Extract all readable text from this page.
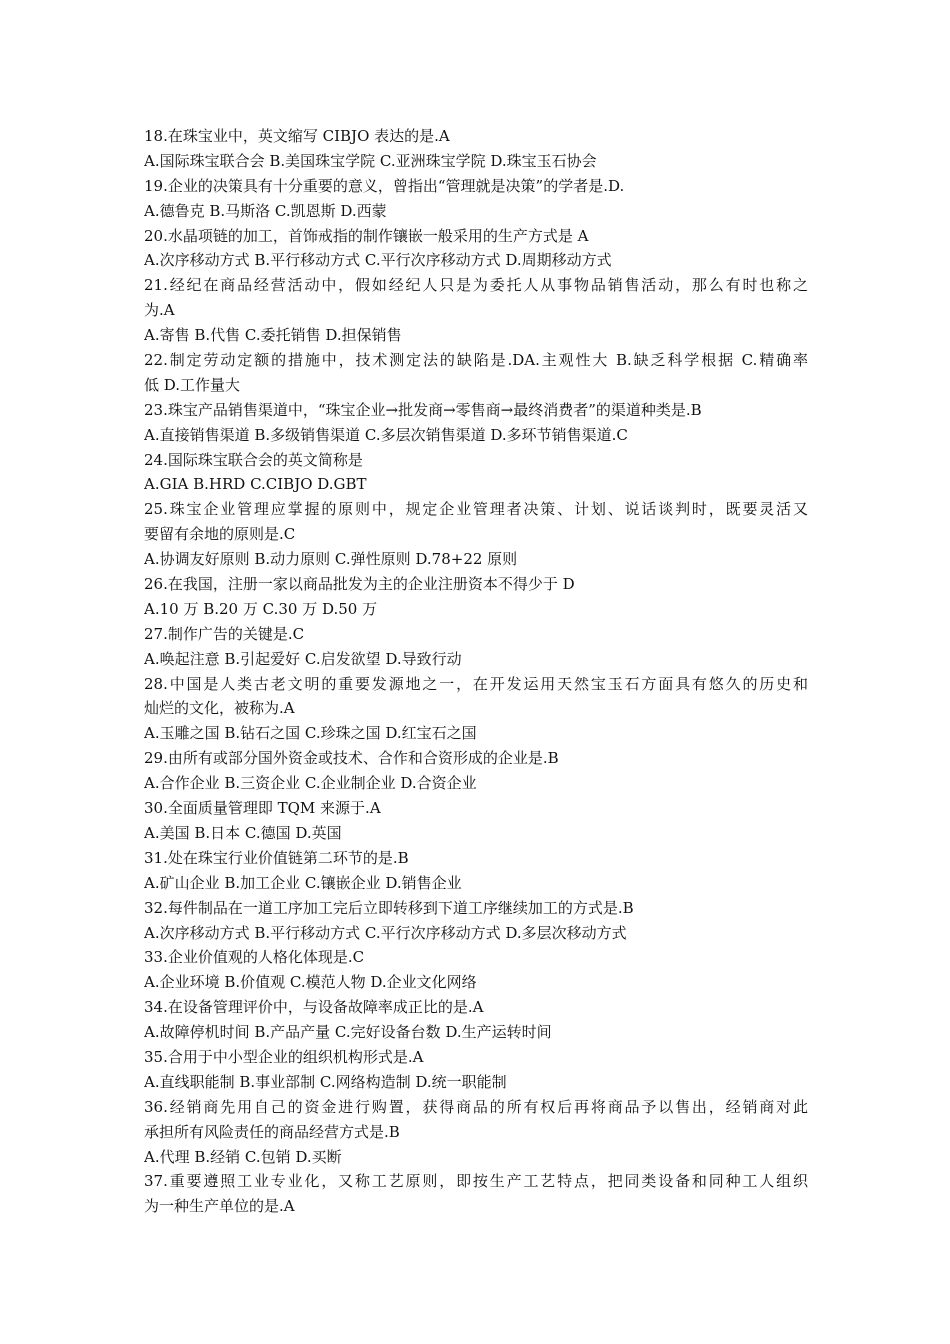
18.在珠宝业中，英文缩写 CIBJO 表达的是.A
A.国际珠宝联合会 B.美国珠宝学院 C.亚洲珠宝学院 D.珠宝玉石协会
19.企业的决策具有十分重要的意义，曾指出“管理就是决策”的学者是.D.
A.德鲁克 B.马斯洛 C.凯恩斯 D.西蒙
20.水晶项链的加工，首饰戒指的制作镶嵌一般采用的生产方式是 A
A.次序移动方式 B.平行移动方式 C.平行次序移动方式 D.周期移动方式
21.经纪在商品经营活动中，假如经纪人只是为委托人从事物品销售活动，那么有时也称之
为.A
A.寄售 B.代售 C.委托销售 D.担保销售
22.制定劳动定额的措施中，技术测定法的缺陷是.DA.主观性大 B.缺乏科学根据 C.精确率
低 D.工作量大
23.珠宝产品销售渠道中，“珠宝企业→批发商→零售商→最终消费者”的渠道种类是.B
A.直接销售渠道 B.多级销售渠道 C.多层次销售渠道 D.多环节销售渠道.C
24.国际珠宝联合会的英文简称是
A.GIA B.HRD C.CIBJO D.GBT
25.珠宝企业管理应掌握的原则中，规定企业管理者决策、计划、说话谈判时，既要灵活又
要留有余地的原则是.C
A.协调友好原则 B.动力原则 C.弹性原则 D.78+22 原则
26.在我国，注册一家以商品批发为主的企业注册资本不得少于 D
A.10 万 B.20 万 C.30 万 D.50 万
27.制作广告的关键是.C
A.唤起注意 B.引起爱好 C.启发欲望 D.导致行动
28.中国是人类古老文明的重要发源地之一，在开发运用天然宝玉石方面具有悠久的历史和
灿烂的文化，被称为.A
A.玉雕之国 B.钻石之国 C.珍珠之国 D.红宝石之国
29.由所有或部分国外资金或技术、合作和合资形成的企业是.B
A.合作企业 B.三资企业 C.企业制企业 D.合资企业
30.全面质量管理即 TQM 来源于.A
A.美国 B.日本 C.德国 D.英国
31.处在珠宝行业价值链第二环节的是.B
A.矿山企业 B.加工企业 C.镶嵌企业 D.销售企业
32.每件制品在一道工序加工完后立即转移到下道工序继续加工的方式是.B
A.次序移动方式 B.平行移动方式 C.平行次序移动方式 D.多层次移动方式
33.企业价值观的人格化体现是.C
A.企业环境 B.价值观 C.模范人物 D.企业文化网络
34.在设备管理评价中，与设备故障率成正比的是.A
A.故障停机时间 B.产品产量 C.完好设备台数 D.生产运转时间
35.合用于中小型企业的组织机构形式是.A
A.直线职能制 B.事业部制 C.网络构造制 D.统一职能制
36.经销商先用自己的资金进行购置，获得商品的所有权后再将商品予以售出，经销商对此
承担所有风险责任的商品经营方式是.B
A.代理 B.经销 C.包销 D.买断
37.重要遵照工业专业化，又称工艺原则，即按生产工艺特点，把同类设备和同种工人组织
为一种生产单位的是.A
